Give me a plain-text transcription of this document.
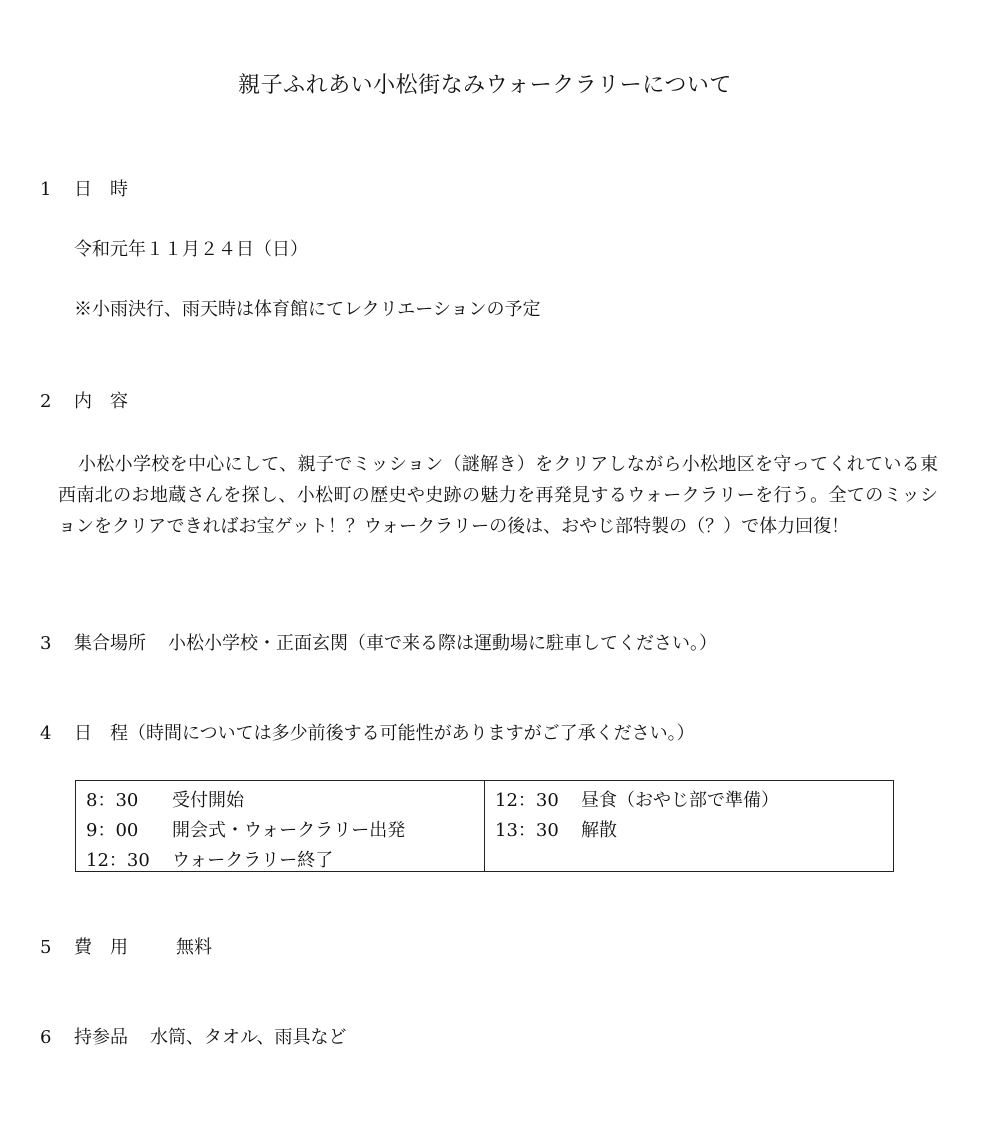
親子ふれあい小松街なみウォークラリーについて
1 日　時
令和元年１１月２４日（日）
※小雨決行、雨天時は体育館にてレクリエーションの予定
2 内　容
小松小学校を中心にして、親子でミッション（謎解き）をクリアしながら小松地区を守ってくれている東西南北のお地蔵さんを探し、小松町の歴史や史跡の魅力を再発見するウォークラリーを行う。全てのミッションをクリアできればお宝ゲット！？ウォークラリーの後は、おやじ部特製の（？）で体力回復！
3 集合場所 小松小学校・正面玄関（車で来る際は運動場に駐車してください。）
4 日　程（時間については多少前後する可能性がありますがご了承ください。）
8：30 受付開始
9：00 開会式・ウォークラリー出発
12：30 ウォークラリー終了
12：30 昼食（おやじ部で準備）
13：30 解散
5 費　用	無料
6 持参品 水筒、タオル、雨具など
